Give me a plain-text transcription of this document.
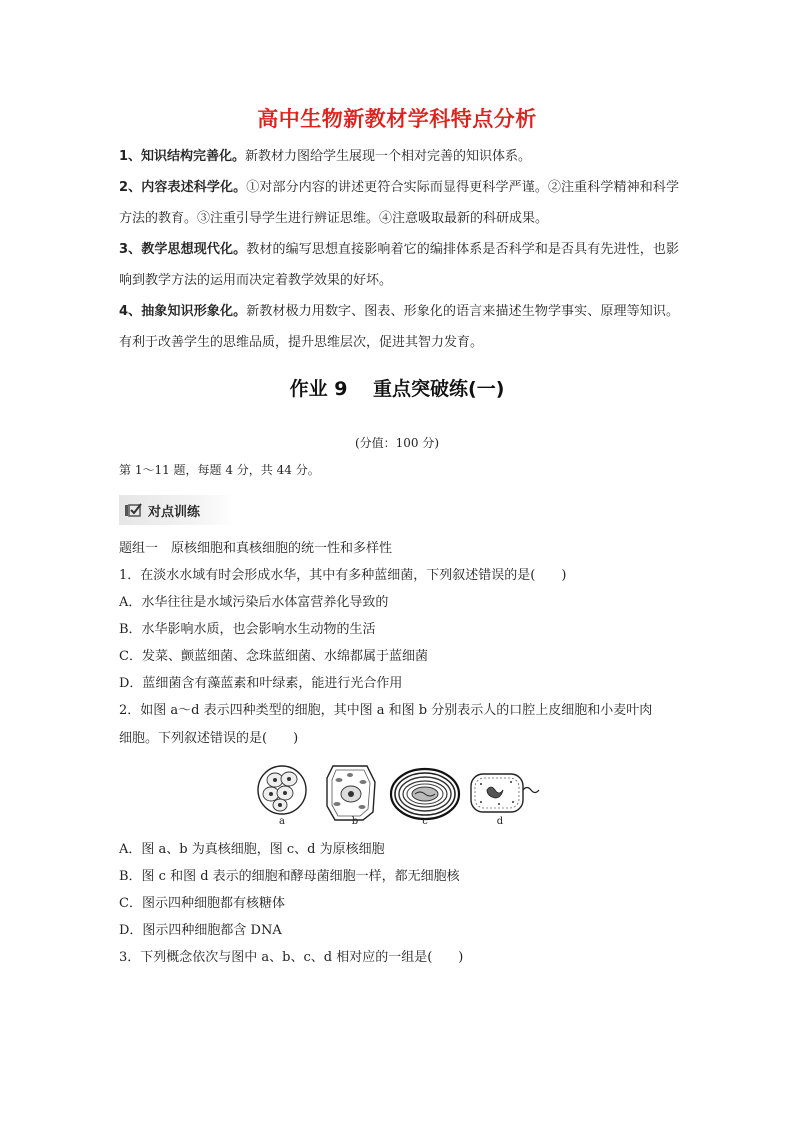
高中生物新教材学科特点分析
1、知识结构完善化。新教材力图给学生展现一个相对完善的知识体系。
2、内容表述科学化。①对部分内容的讲述更符合实际而显得更科学严谨。②注重科学精神和科学方法的教育。③注重引导学生进行辨证思维。④注意吸取最新的科研成果。
3、教学思想现代化。教材的编写思想直接影响着它的编排体系是否科学和是否具有先进性，也影响到教学方法的运用而决定着教学效果的好坏。
4、抽象知识形象化。新教材极力用数字、图表、形象化的语言来描述生物学事实、原理等知识。有利于改善学生的思维品质，提升思维层次，促进其智力发育。
作业 9　 重点突破练(一)
(分值：100 分)
第 1～11 题，每题 4 分，共 44 分。
对点训练
题组一　原核细胞和真核细胞的统一性和多样性
1．在淡水水域有时会形成水华，其中有多种蓝细菌，下列叙述错误的是(　　)
A．水华往往是水域污染后水体富营养化导致的
B．水华影响水质，也会影响水生动物的生活
C．发菜、颤蓝细菌、念珠蓝细菌、水绵都属于蓝细菌
D．蓝细菌含有藻蓝素和叶绿素，能进行光合作用
2．如图 a～d 表示四种类型的细胞，其中图 a 和图 b 分别表示人的口腔上皮细胞和小麦叶肉
细胞。下列叙述错误的是(　　)
a	b	c	d
A．图 a、b 为真核细胞，图 c、d 为原核细胞
B．图 c 和图 d 表示的细胞和酵母菌细胞一样，都无细胞核
C．图示四种细胞都有核糖体
D．图示四种细胞都含 DNA
3．下列概念依次与图中 a、b、c、d 相对应的一组是(　　)
